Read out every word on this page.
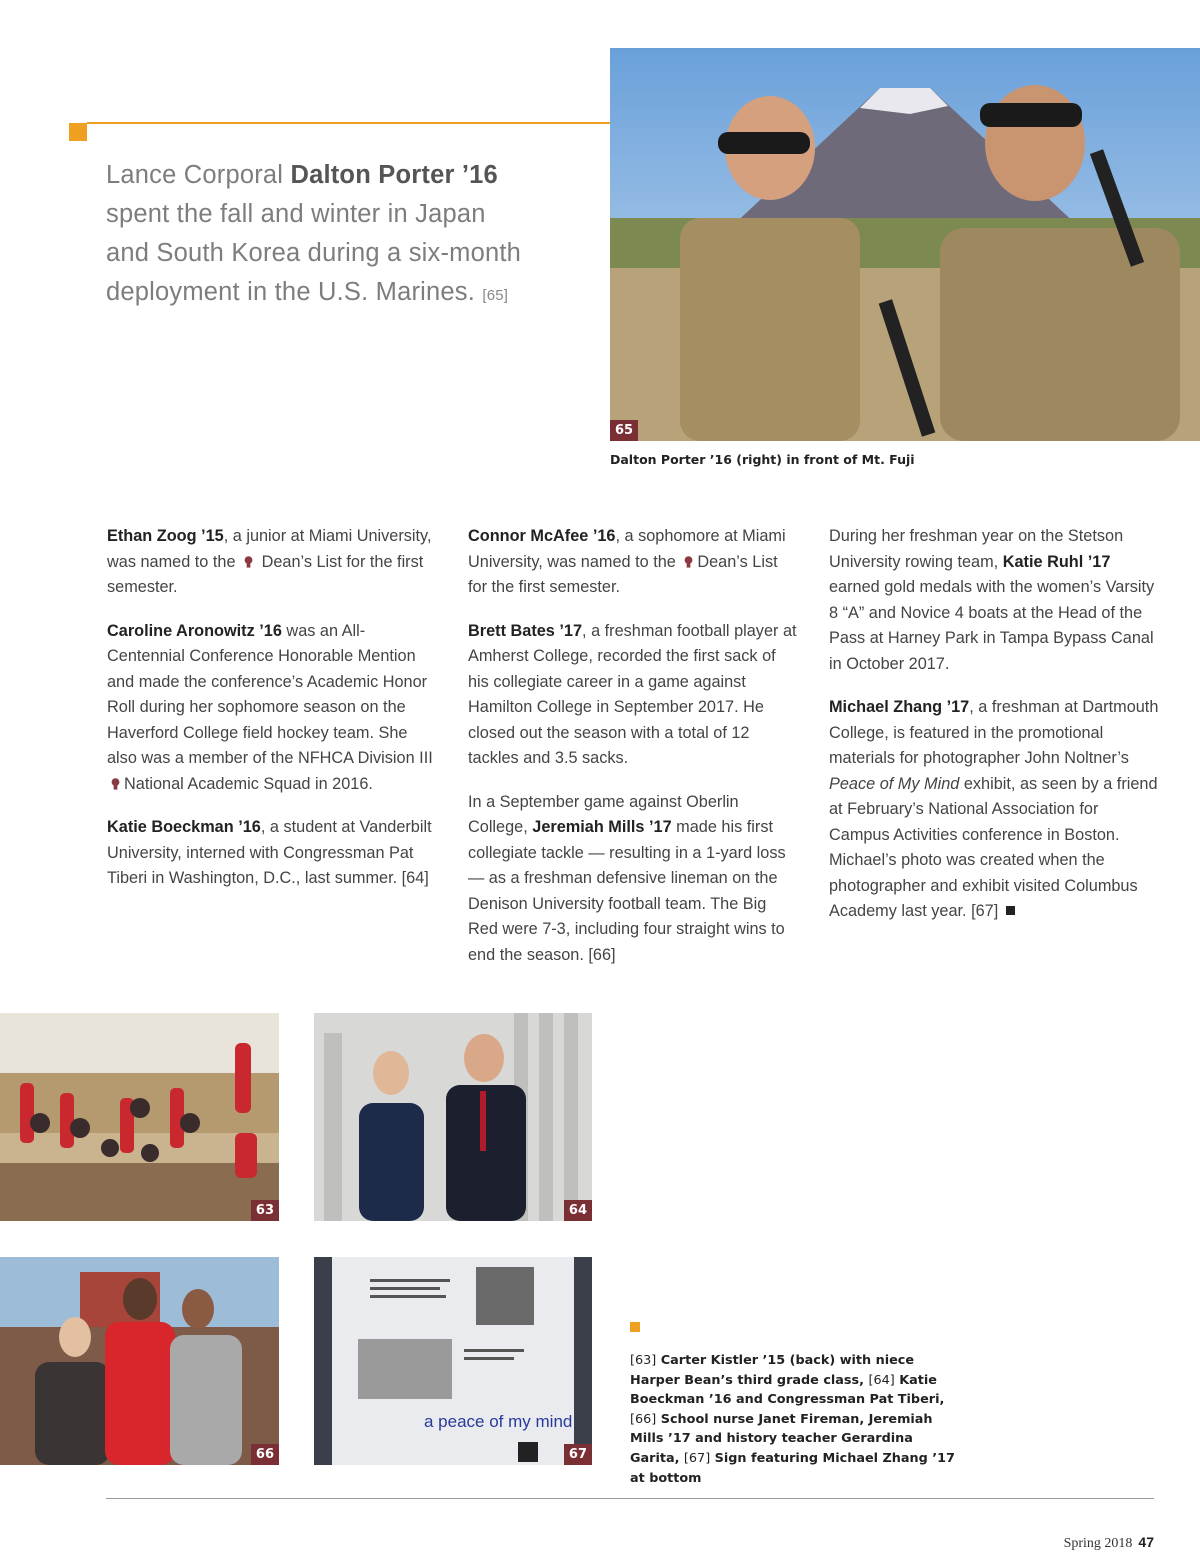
Lance Corporal Dalton Porter ’16 spent the fall and winter in Japan and South Korea during a six-month deployment in the U.S. Marines. [65]
65
Dalton Porter ’16 (right) in front of Mt. Fuji

Ethan Zoog ’15, a junior at Miami University, was named to the Dean’s List for the first semester.

Caroline Aronowitz ’16 was an All-Centennial Conference Honorable Mention and made the conference’s Academic Honor Roll during her sophomore season on the Haverford College field hockey team. She also was a member of the NFHCA Division III National Academic Squad in 2016.

Katie Boeckman ’16, a student at Vanderbilt University, interned with Congressman Pat Tiberi in Washington, D.C., last summer. [64]

Connor McAfee ’16, a sophomore at Miami University, was named to the Dean’s List for the first semester.

Brett Bates ’17, a freshman football player at Amherst College, recorded the first sack of his collegiate career in a game against Hamilton College in September 2017. He closed out the season with a total of 12 tackles and 3.5 sacks.

In a September game against Oberlin College, Jeremiah Mills ’17 made his first collegiate tackle — resulting in a 1-yard loss — as a freshman defensive lineman on the Denison University football team. The Big Red were 7-3, including four straight wins to end the season. [66]

During her freshman year on the Stetson University rowing team, Katie Ruhl ’17 earned gold medals with the women’s Varsity 8 “A” and Novice 4 boats at the Head of the Pass at Harney Park in Tampa Bypass Canal in October 2017.

Michael Zhang ’17, a freshman at Dartmouth College, is featured in the promotional materials for photographer John Noltner’s Peace of My Mind exhibit, as seen by a friend at February’s National Association for Campus Activities conference in Boston. Michael’s photo was created when the photographer and exhibit visited Columbus Academy last year. [67]

63	64
66
a peace of my mind
67
[63] Carter Kistler ’15 (back) with niece Harper Bean’s third grade class, [64] Katie Boeckman ’16 and Congressman Pat Tiberi, [66] School nurse Janet Fireman, Jeremiah Mills ’17 and history teacher Gerardina Garita, [67] Sign featuring Michael Zhang ’17 at bottom
Spring 2018 47
